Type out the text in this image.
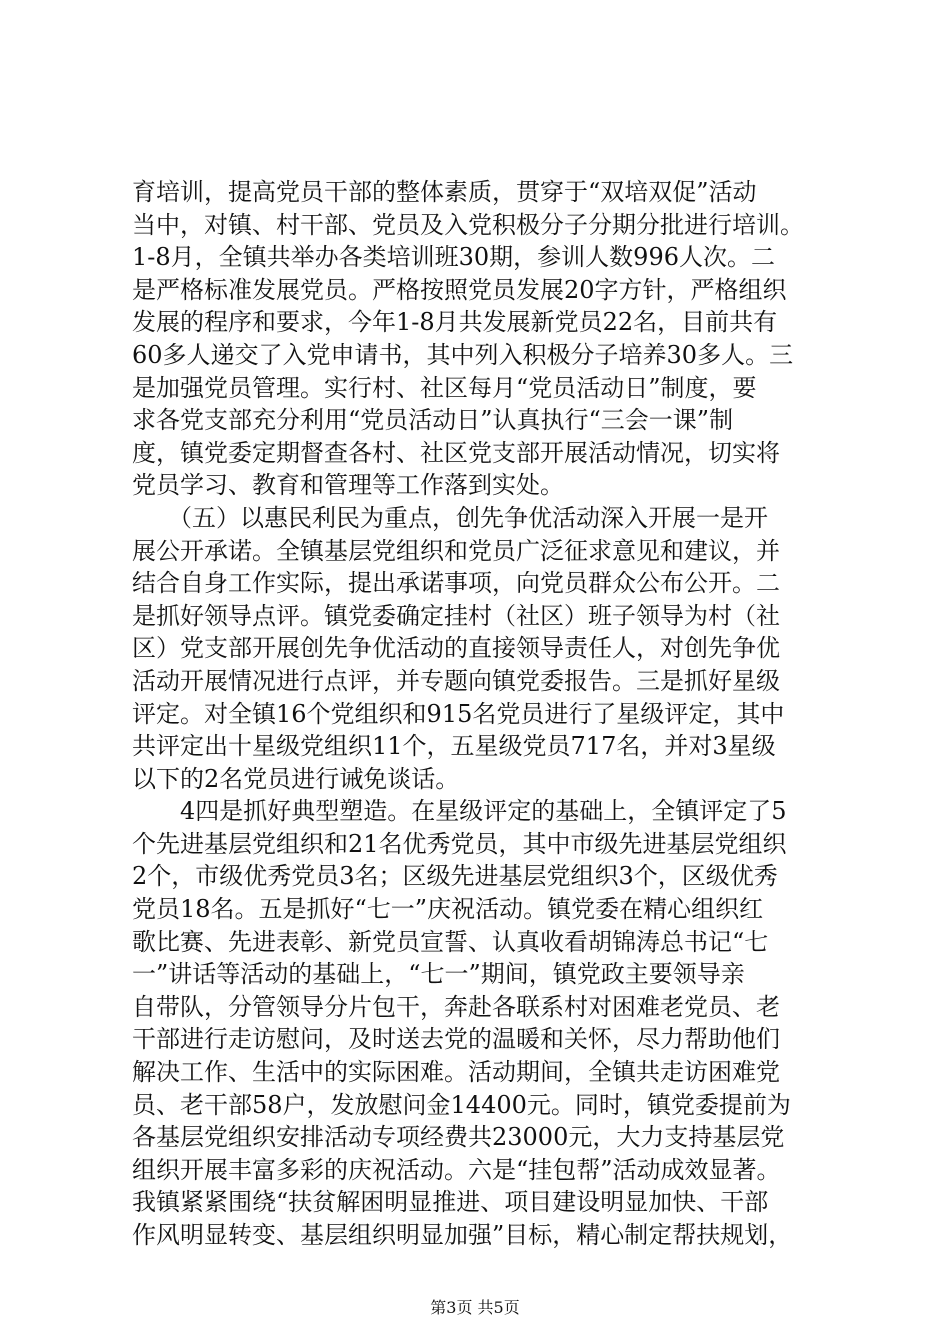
育培训，提高党员干部的整体素质，贯穿于“双培双促”活动
当中，对镇、村干部、党员及入党积极分子分期分批进行培训。
1-8月，全镇共举办各类培训班30期，参训人数996人次。二
是严格标准发展党员。严格按照党员发展20字方针，严格组织
发展的程序和要求，今年1-8月共发展新党员22名，目前共有
60多人递交了入党申请书，其中列入积极分子培养30多人。三
是加强党员管理。实行村、社区每月“党员活动日”制度，要
求各党支部充分利用“党员活动日”认真执行“三会一课”制
度，镇党委定期督查各村、社区党支部开展活动情况，切实将
党员学习、教育和管理等工作落到实处。
　　（五）以惠民利民为重点，创先争优活动深入开展一是开
展公开承诺。全镇基层党组织和党员广泛征求意见和建议，并
结合自身工作实际，提出承诺事项，向党员群众公布公开。二
是抓好领导点评。镇党委确定挂村（社区）班子领导为村（社
区）党支部开展创先争优活动的直接领导责任人，对创先争优
活动开展情况进行点评，并专题向镇党委报告。三是抓好星级
评定。对全镇16个党组织和915名党员进行了星级评定，其中
共评定出十星级党组织11个，五星级党员717名，并对3星级
以下的2名党员进行诫免谈话。
　　4四是抓好典型塑造。在星级评定的基础上，全镇评定了5
个先进基层党组织和21名优秀党员，其中市级先进基层党组织
2个，市级优秀党员3名；区级先进基层党组织3个，区级优秀
党员18名。五是抓好“七一”庆祝活动。镇党委在精心组织红
歌比赛、先进表彰、新党员宣誓、认真收看胡锦涛总书记“七
一”讲话等活动的基础上，“七一”期间，镇党政主要领导亲
自带队，分管领导分片包干，奔赴各联系村对困难老党员、老
干部进行走访慰问，及时送去党的温暖和关怀，尽力帮助他们
解决工作、生活中的实际困难。活动期间，全镇共走访困难党
员、老干部58户，发放慰问金14400元。同时，镇党委提前为
各基层党组织安排活动专项经费共23000元，大力支持基层党
组织开展丰富多彩的庆祝活动。六是“挂包帮”活动成效显著。
我镇紧紧围绕“扶贫解困明显推进、项目建设明显加快、干部
作风明显转变、基层组织明显加强”目标，精心制定帮扶规划，
第3页 共5页
